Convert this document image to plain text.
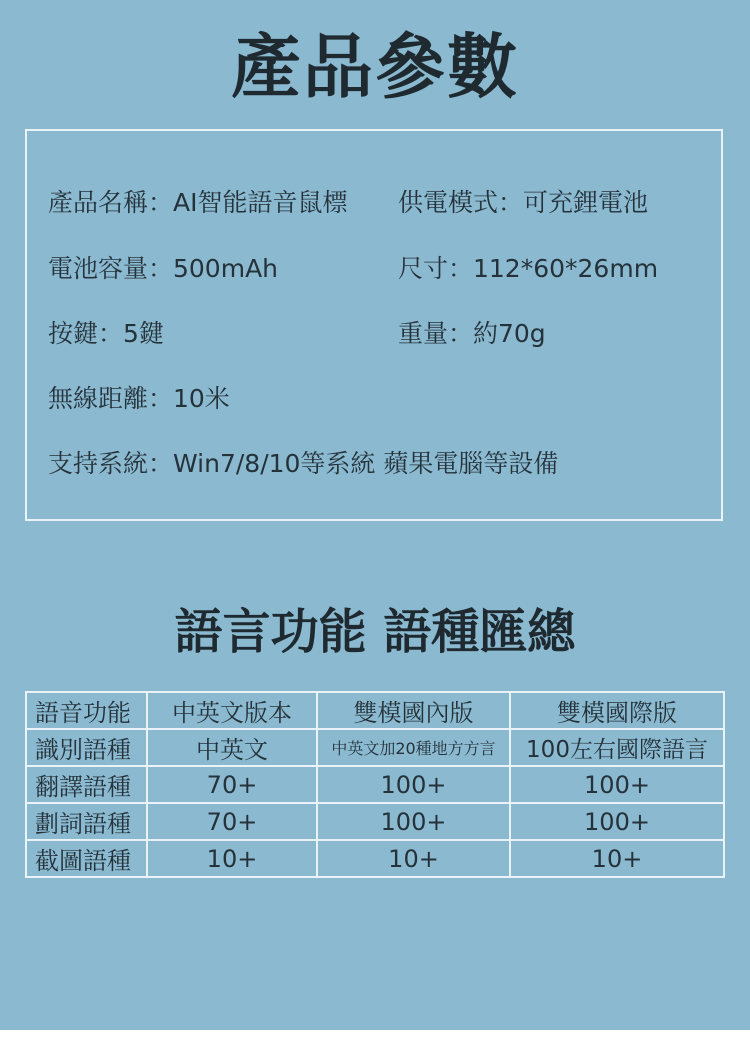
產品參數
產品名稱：AI智能語音鼠標 供電模式：可充鋰電池
電池容量：500mAh	尺寸：112*60*26mm
按鍵：5鍵	重量：約70g
無線距離：10米
支持系統：Win7/8/10等系統 蘋果電腦等設備
語言功能 語種匯總
語音功能	中英文版本	雙模國內版	雙模國際版
識別語種	中英文	中英文加20種地方方言	100左右國際語言
翻譯語種	70+	100+	100+
劃詞語種	70+	100+	100+
截圖語種	10+	10+	10+
